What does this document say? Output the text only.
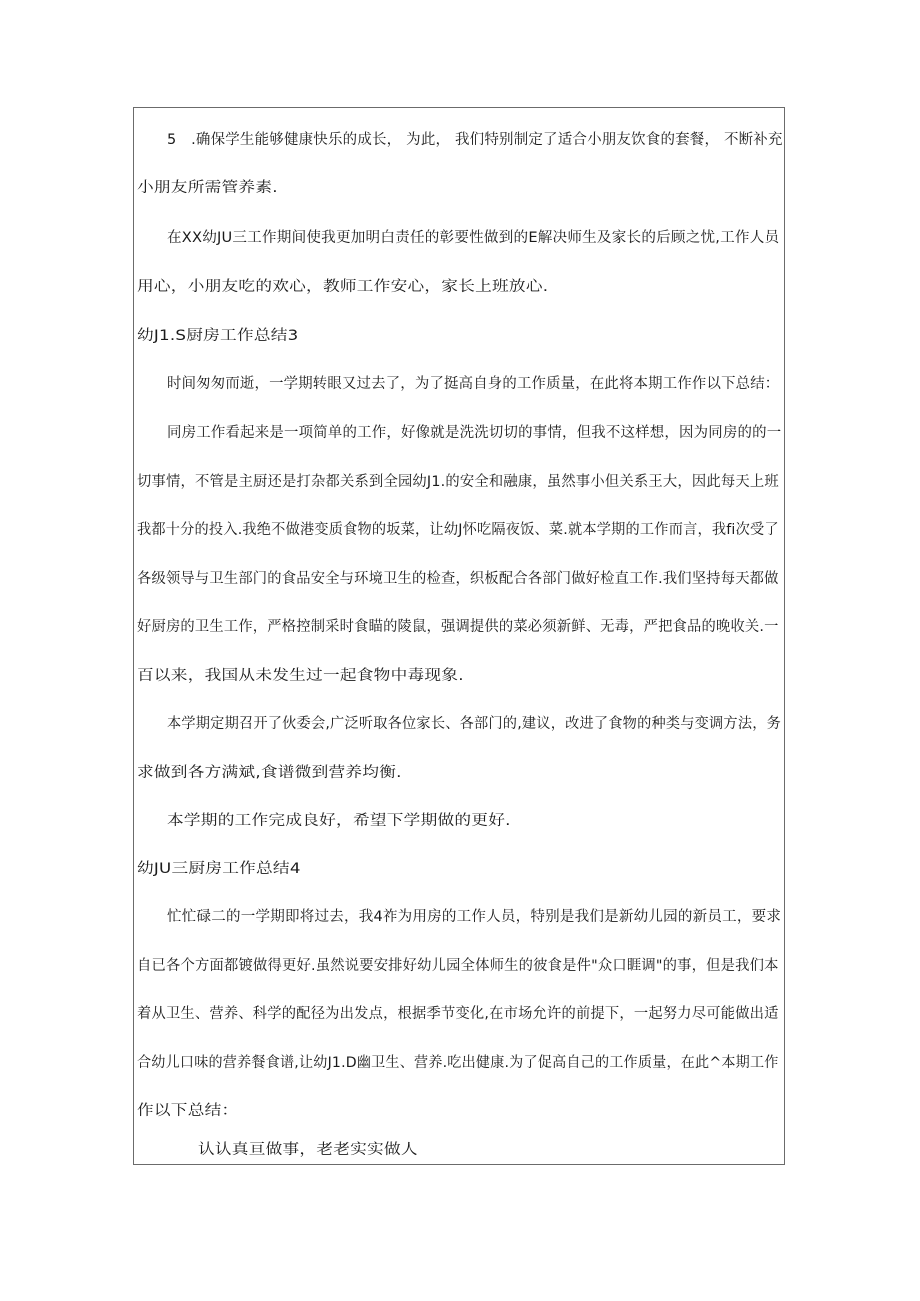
5　.确保学生能够健康快乐的成长， 为此， 我们特别制定了适合小朋友饮食的套餐， 不断补充
小朋友所需管养素.
在XX幼JU三工作期间使我更加明白责任的彰要性做到的E解决师生及家长的后顾之忧,工作人员
用心，小朋友吃的欢心，教师工作安心，家长上班放心.
幼J1.S厨房工作总结3
时间匆匆而逝，一学期转眼又过去了，为了挺高自身的工作质量，在此将本期工作作以下总结：
同房工作看起来是一项简单的工作，好像就是洗洗切切的事情，但我不这样想，因为同房的的一
切事情，不管是主厨还是打杂都关系到全园幼J1.的安全和融康，虽然事小但关系王大，因此每天上班
我都十分的投入.我绝不做港变质食物的坂菜，让幼J怀吃隔夜饭、菜.就本学期的工作而言，我fi次受了
各级领导与卫生部门的食品安全与环境卫生的检查，织板配合各部门做好检直工作.我们坚持每天都做
好厨房的卫生工作，严格控制采时食瞄的陵鼠，强调提供的菜必须新鲜、无毒，严把食品的晚收关.一
百以来，我国从未发生过一起食物中毒现象.
本学期定期召开了伙委会,广泛听取各位家长、各部门的,建议，改进了食物的种类与变调方法，务
求做到各方满斌,食谱微到营养均衡.
本学期的工作完成良好，希望下学期做的更好.
幼JU三厨房工作总结4
忙忙碌二的一学期即将过去，我4祚为用房的工作人员，特别是我们是新幼儿园的新员工，要求
自已各个方面都镀做得更好.虽然说要安排好幼儿园全体师生的彼食是件"众口睚调"的事，但是我们本
着从卫生、营养、科学的配径为出发点，根据季节变化,在市场允许的前提下，一起努力尽可能做出适
合幼儿口味的营养餐食谱,让幼J1.D幽卫生、营养.吃出健康.为了促高自己的工作质量，在此^本期工作
作以下总结：
认认真亘做事，老老实实做人
